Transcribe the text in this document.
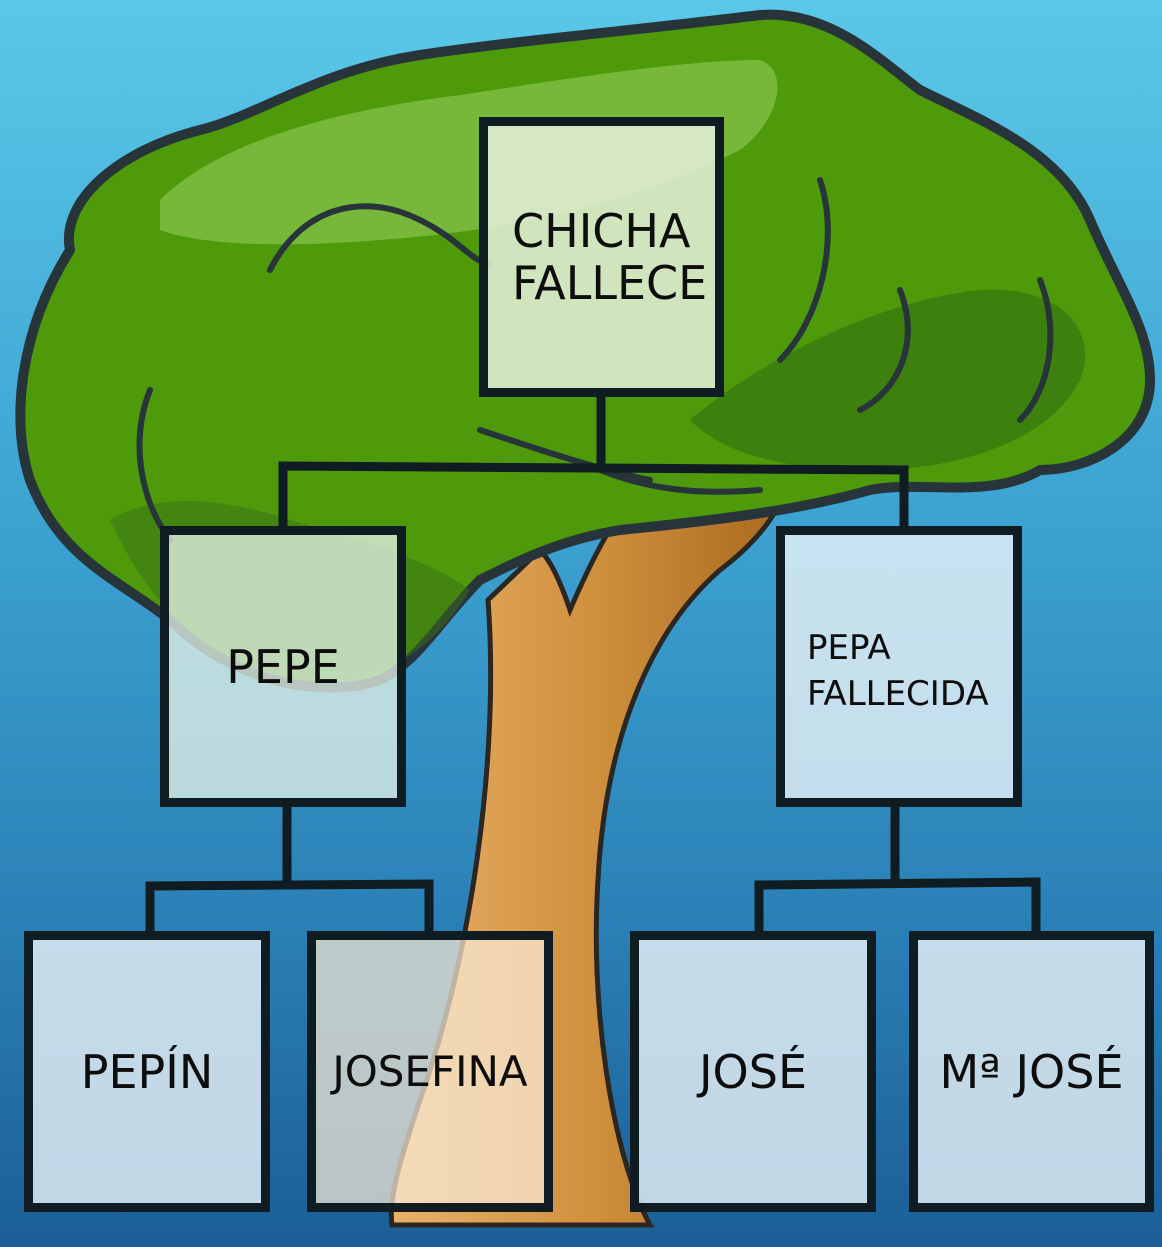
CHICHA
FALLECE
PEPE	PEPA
FALLECIDA
PEPÍN	JOSEFINA	JOSÉ	Mª JOSÉ
